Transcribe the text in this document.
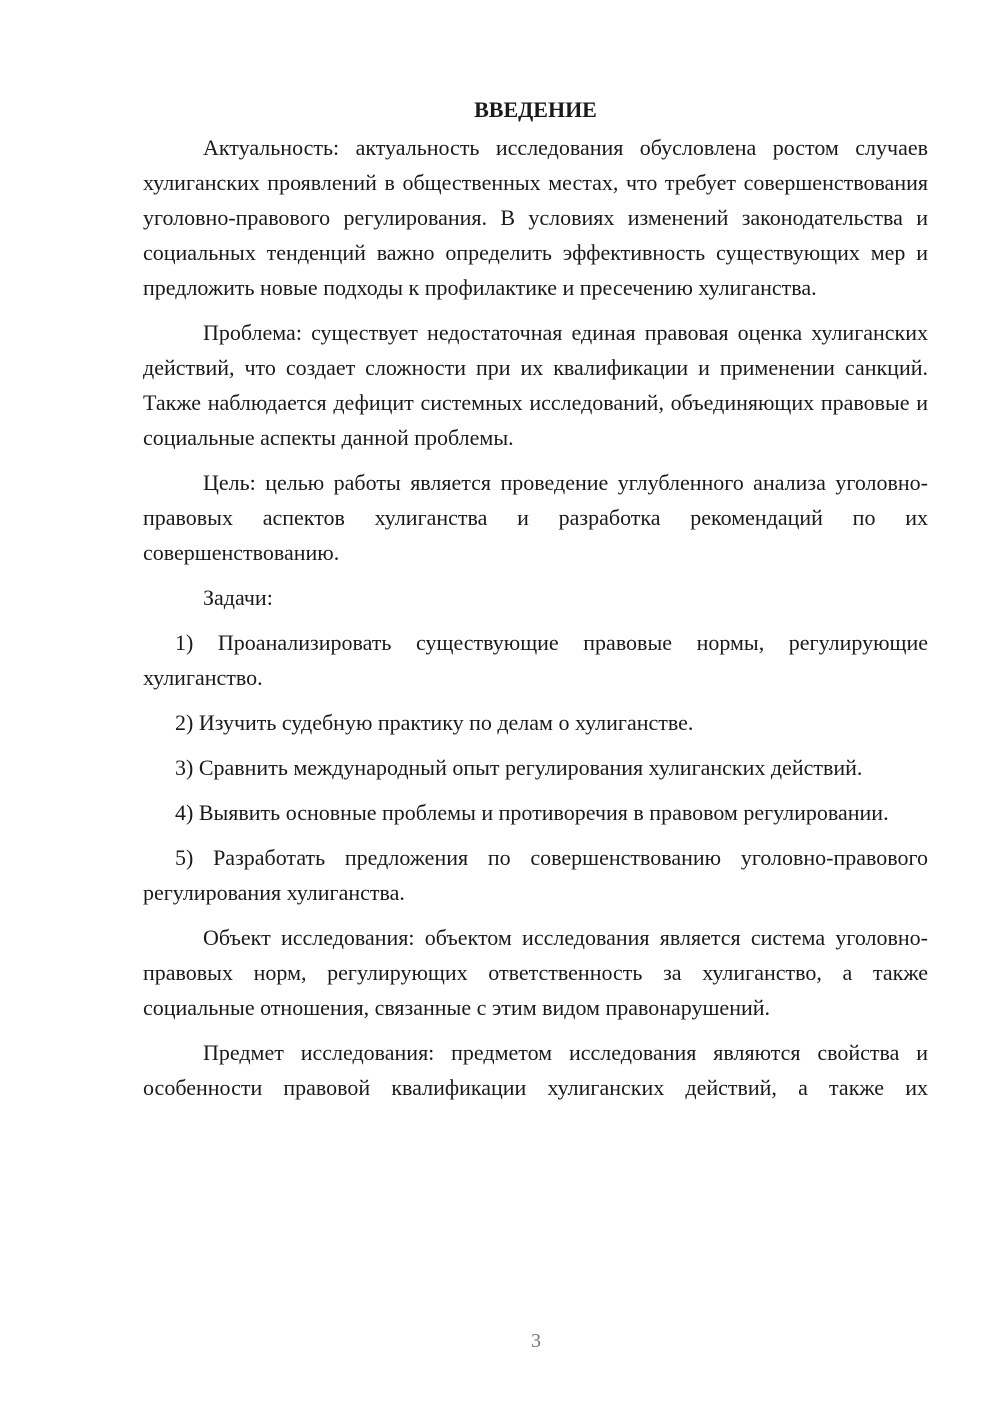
ВВЕДЕНИЕ

Актуальность: актуальность исследования обусловлена ростом случаев хулиганских проявлений в общественных местах, что требует совершенствования уголовно-правового регулирования. В условиях изменений законодательства и социальных тенденций важно определить эффективность существующих мер и предложить новые подходы к профилактике и пресечению хулиганства.

Проблема: существует недостаточная единая правовая оценка хулиганских действий, что создает сложности при их квалификации и применении санкций. Также наблюдается дефицит системных исследований, объединяющих правовые и социальные аспекты данной проблемы.

Цель: целью работы является проведение углубленного анализа уголовно-правовых аспектов хулиганства и разработка рекомендаций по их совершенствованию.

Задачи:

1) Проанализировать существующие правовые нормы, регулирующие хулиганство.

2) Изучить судебную практику по делам о хулиганстве.

3) Сравнить международный опыт регулирования хулиганских действий.

4) Выявить основные проблемы и противоречия в правовом регулировании.

5) Разработать предложения по совершенствованию уголовно-правового регулирования хулиганства.

Объект исследования: объектом исследования является система уголовно-правовых норм, регулирующих ответственность за хулиганство, а также социальные отношения, связанные с этим видом правонарушений.

Предмет исследования: предметом исследования являются свойства и особенности правовой квалификации хулиганских действий, а также их

3
